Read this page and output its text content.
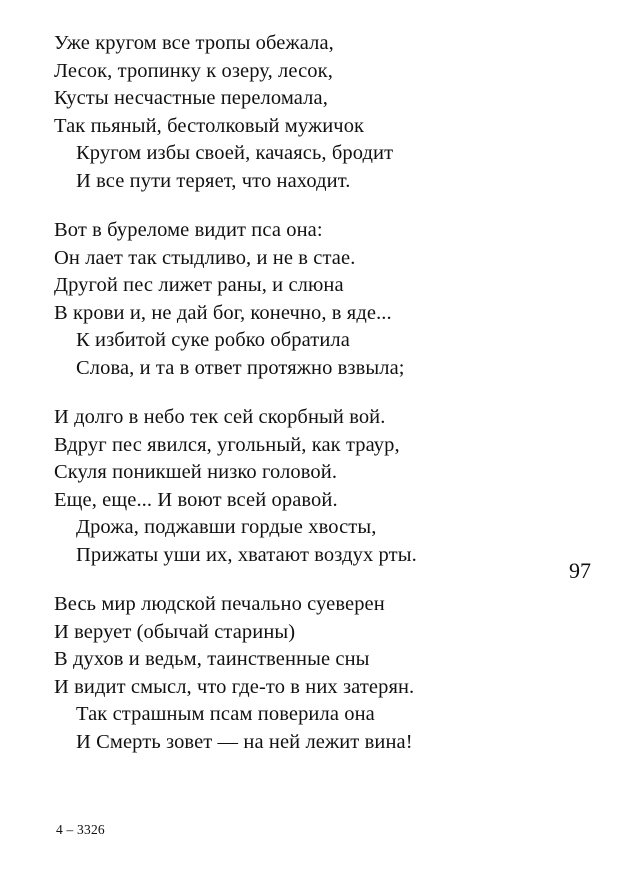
Уже кругом все тропы обежала,
Лесок, тропинку к озеру, лесок,
Кусты несчастные переломала,
Так пьяный, бестолковый мужичок
Кругом избы своей, качаясь, бродит
И все пути теряет, что находит.
Вот в буреломе видит пса она:
Он лает так стыдливо, и не в стае.
Другой пес лижет раны, и слюна
В крови и, не дай бог, конечно, в яде...
К избитой суке робко обратила
Слова, и та в ответ протяжно взвыла;
И долго в небо тек сей скорбный вой.
Вдруг пес явился, угольный, как траур,
Скуля поникшей низко головой.
Еще, еще... И воют всей оравой.
Дрожа, поджавши гордые хвосты,
Прижаты уши их, хватают воздух рты.
Весь мир людской печально суеверен
И верует (обычай старины)
В духов и ведьм, таинственные сны
И видит смысл, что где-то в них затерян.
Так страшным псам поверила она
И Смерть зовет — на ней лежит вина!
97
4 – 3326
